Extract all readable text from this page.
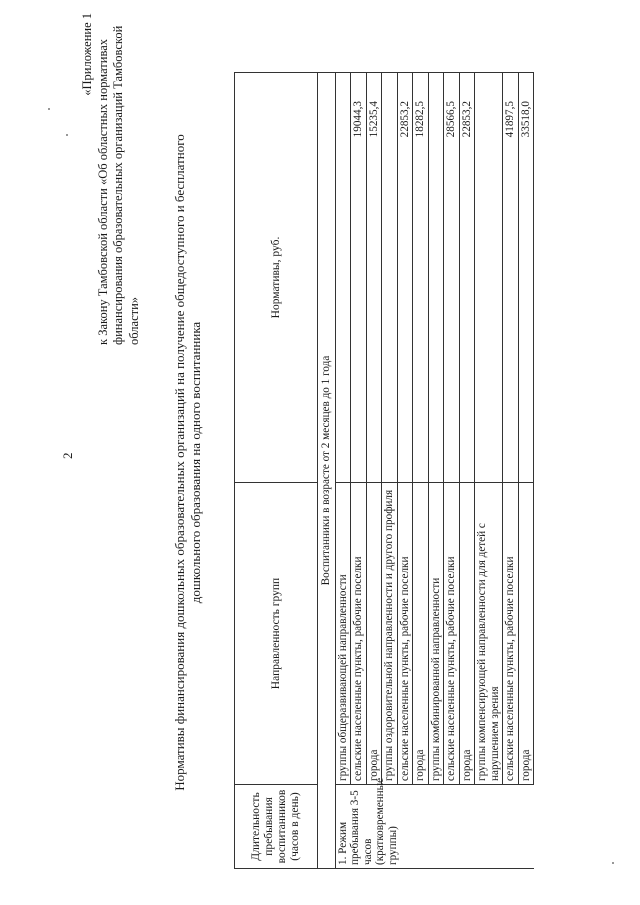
2
«Приложение 1 к Закону Тамбовской области «Об областных нормативах финансирования образовательных организаций Тамбовской области» Нормативы финансирования дошкольных образовательных организаций на получение общедоступного и бесплатного дошкольного образования на одного воспитанника
Длительность пребывания воспитанников (часов в день)	Направленность групп	Нормативы, руб.
Воспитанники в возрасте от 2 месяцев до 1 года		

1. Режим пребывания 3-5 часов (кратковременные группы)	группы общеразвивающей направленности	
	сельские населенные пункты, рабочие поселки	19044,3
	города	15235,4
	группы оздоровительной направленности и другого профиля	
	сельские населенные пункты, рабочие поселки	22853,2
	города	18282,5
	группы комбинированной направленности	
	сельские населенные пункты, рабочие поселки	28566,5
	города	22853,2
	группы компенсирующей направленности для детей с нарушением зрения	
	сельские населенные пункты, рабочие поселки	41897,5
	города	33518,0
